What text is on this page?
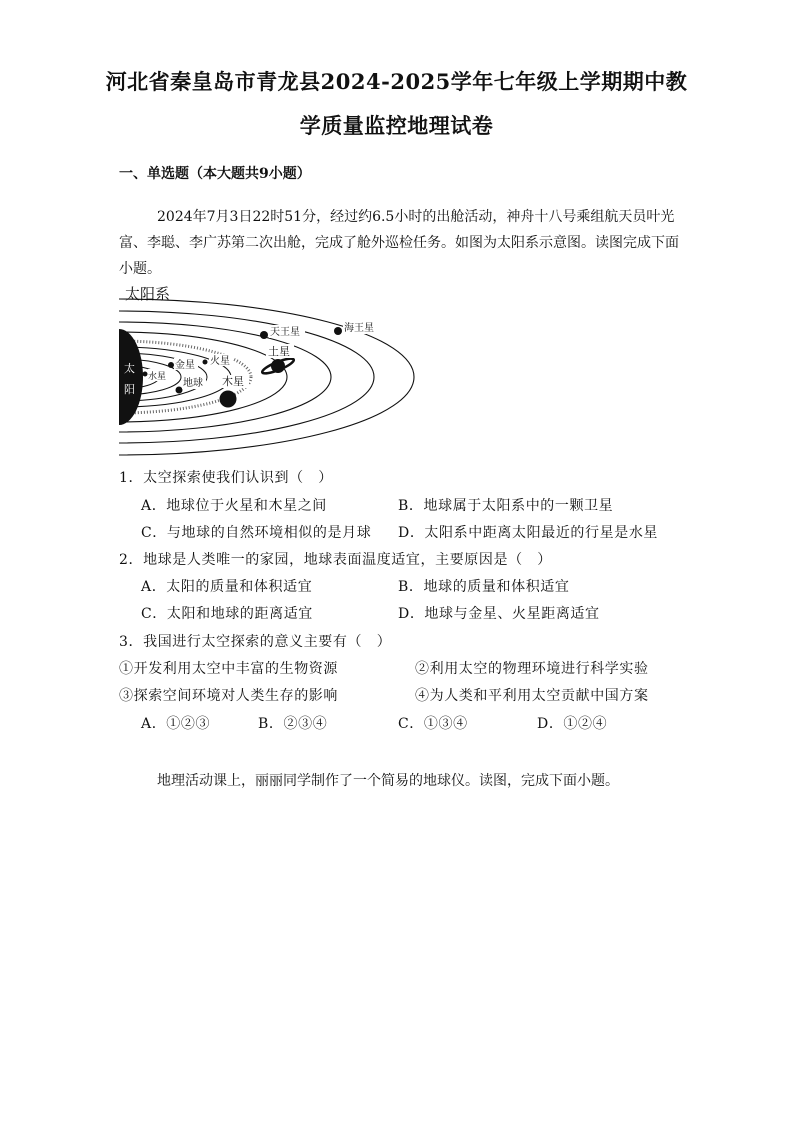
河北省秦皇岛市青龙县2024-2025学年七年级上学期期中教
学质量监控地理试卷
一、单选题（本大题共9小题）
2024年7月3日22时51分，经过约6.5小时的出舱活动，神舟十八号乘组航天员叶光富、李聪、李广苏第二次出舱，完成了舱外巡检任务。如图为太阳系示意图。读图完成下面小题。
太阳系
太
阳
水星
金星
地球
火星
木星
土星
天王星	海王星
1．太空探索使我们认识到（　）
A．地球位于火星和木星之间	B．地球属于太阳系中的一颗卫星
C．与地球的自然环境相似的是月球 D．太阳系中距离太阳最近的行星是水星
2．地球是人类唯一的家园，地球表面温度适宜，主要原因是（　）
A．太阳的质量和体积适宜	B．地球的质量和体积适宜
C．太阳和地球的距离适宜	D．地球与金星、火星距离适宜
3．我国进行太空探索的意义主要有（　）
①开发利用太空中丰富的生物资源	②利用太空的物理环境进行科学实验
③探索空间环境对人类生存的影响	④为人类和平利用太空贡献中国方案
A．①②③	B．②③④	C．①③④	D．①②④
地理活动课上，丽丽同学制作了一个简易的地球仪。读图，完成下面小题。
